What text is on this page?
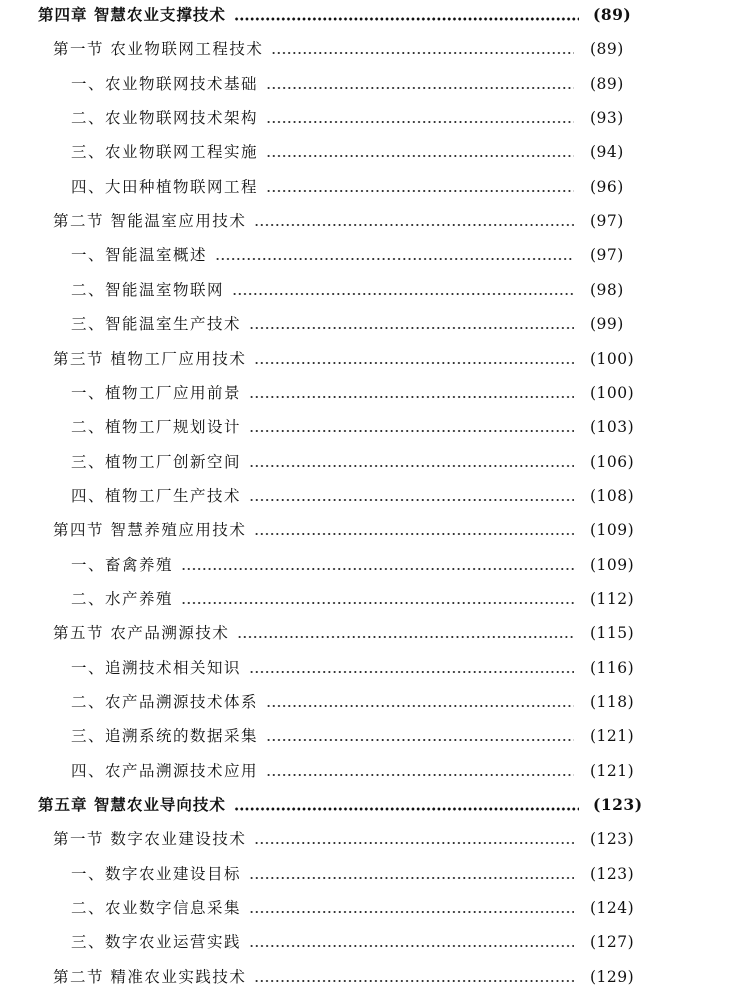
第四章 智慧农业支撑技术	(89)
第一节 农业物联网工程技术	(89)
一、农业物联网技术基础	(89)
二、农业物联网技术架构	(93)
三、农业物联网工程实施	(94)
四、大田种植物联网工程	(96)
第二节 智能温室应用技术	(97)
一、智能温室概述	(97)
二、智能温室物联网	(98)
三、智能温室生产技术	(99)
第三节 植物工厂应用技术	(100)
一、植物工厂应用前景	(100)
二、植物工厂规划设计	(103)
三、植物工厂创新空间	(106)
四、植物工厂生产技术	(108)
第四节 智慧养殖应用技术	(109)
一、畜禽养殖	(109)
二、水产养殖	(112)
第五节 农产品溯源技术	(115)
一、追溯技术相关知识	(116)
二、农产品溯源技术体系	(118)
三、追溯系统的数据采集	(121)
四、农产品溯源技术应用	(121)
第五章 智慧农业导向技术	(123)
第一节 数字农业建设技术	(123)
一、数字农业建设目标	(123)
二、农业数字信息采集	(124)
三、数字农业运营实践	(127)
第二节 精准农业实践技术	(129)
